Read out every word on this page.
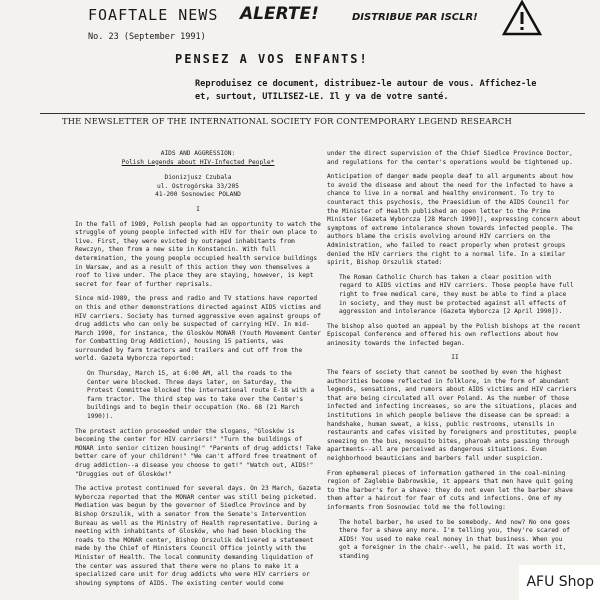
FOAFTALE NEWS
No. 23 (September 1991)
ALERTE!	DISTRIBUE PAR ISCLR!
PENSEZ A VOS ENFANTS!
Reproduisez ce document, distribuez-le autour de vous. Affichez-le
et, surtout, UTILISEZ-LE. Il y va de votre santé.
THE NEWSLETTER OF THE INTERNATIONAL SOCIETY FOR CONTEMPORARY LEGEND RESEARCH
AIDS AND AGGRESSION:
Polish Legends about HIV-Infected People*
Dionizjusz Czubala
ul. Ostrogórska 33/205
41-200 Sosnowiec POLAND
I

In the fall of 1989, Polish people had an opportunity to watch the struggle of young people infected with HIV for their own place to live. First, they were evicted by outraged inhabitants from Rewczyn, then from a new site in Konstancin. With full determination, the young people occupied health service buildings in Warsaw, and as a result of this action they won themselves a roof to live under. The place they are staying, however, is kept secret for fear of further reprisals.

Since mid-1989, the press and radio and TV stations have reported on this and other demonstrations directed against AIDS victims and HIV carriers. Society has turned aggressive even against groups of drug addicts who can only be suspected of carrying HIV. In mid-March 1990, for instance, the Glosków MONAR (Youth Movement Center for Combatting Drug Addiction), housing 15 patients, was surrounded by farm tractors and trailers and cut off from the world. Gazeta Wyborcza reported:

On Thursday, March 15, at 6:00 AM, all the roads to the Center were blocked. Three days later, on Saturday, the Protest Committee blocked the international route E-18 with a farm tractor. The third step was to take over the Center's buildings and to begin their occupation (No. 68 (21 March 1990)).

The protest action proceeded under the slogans, "Glosków is becoming the center for HIV carriers!" "Turn the buildings of MONAR into senior citizen housing!" "Parents of drug addicts! Take better care of your children!" "We can't afford free treatment of drug addiction--a disease you choose to get!" "Watch out, AIDS!" "Druggies out of Glosków!"

The active protest continued for several days. On 23 March, Gazeta Wyborcza reported that the MONAR center was still being picketed. Mediation was begun by the governor of Siedlce Province and by Bishop Orszulik, with a senator from the Senate's Intervention Bureau as well as the Ministry of Health representative. During a meeting with inhabitants of Glosków, who had been blocking the roads to the MONAR center, Bishop Orszulik delivered a statement made by the Chief of Ministers Council Office jointly with the Minister of Health. The local community demanding liquidation of the center was assured that there were no plans to make it a specialized care unit for drug addicts who were HIV carriers or showing symptoms of AIDS. The existing center would come

under the direct supervision of the Chief Siedlce Province Doctor, and regulations for the center's operations would be tightened up.

Anticipation of danger made people deaf to all arguments about how to avoid the disease and about the need for the infected to have a chance to live in a normal and healthy environment. To try to counteract this psychosis, the Praesidium of the AIDS Council for the Minister of Health published an open letter to the Prime Minister (Gazeta Wyborcza [28 March 1990]), expressing concern about symptoms of extreme intolerance shown towards infected people. The authors blame the crisis evolving around HIV carriers on the Administration, who failed to react properly when protest groups denied the HIV carriers the right to a normal life. In a similar spirit, Bishop Orszulik stated:

The Roman Catholic Church has taken a clear position with regard to AIDS victims and HIV carriers. Those people have full right to free medical care, they must be able to find a place in society, and they must be protected against all effects of aggression and intolerance (Gazeta Wyborcza [2 April 1990]).

The bishop also quoted an appeal by the Polish bishops at the recent Episcopal Conference and offered his own reflections about how animosity towards the infected began.

II

The fears of society that cannot be soothed by even the highest authorities become reflected in folklore, in the form of abundant legends, sensations, and rumors about AIDS victims and HIV carriers that are being circulated all over Poland. As the number of those infected and infecting increases, so are the situations, places and institutions in which people believe the disease can be spread: a handshake, human sweat, a kiss, public restrooms, utensils in restaurants and cafes visited by foreigners and prostitutes, people sneezing on the bus, mosquito bites, pharoah ants passing through apartments--all are perceived as dangerous situations. Even neighborhood beauticians and barbers fall under suspicion.

From ephemeral pieces of information gathered in the coal-mining region of Zaglebie Dabrowskie, it appears that men have quit going to the barber's for a shave: they do not even let the barber shave them after a haircut for fear of cuts and infections. One of my informants from Sosnowiec told me the following:

The hotel barber, he used to be somebody. And now? No one goes there for a shave any more. I'm telling you, they're scared of AIDS! You used to make real money in that business. When you got a foreigner in the chair--well, he paid. It was worth it, standing

AFU Shop
